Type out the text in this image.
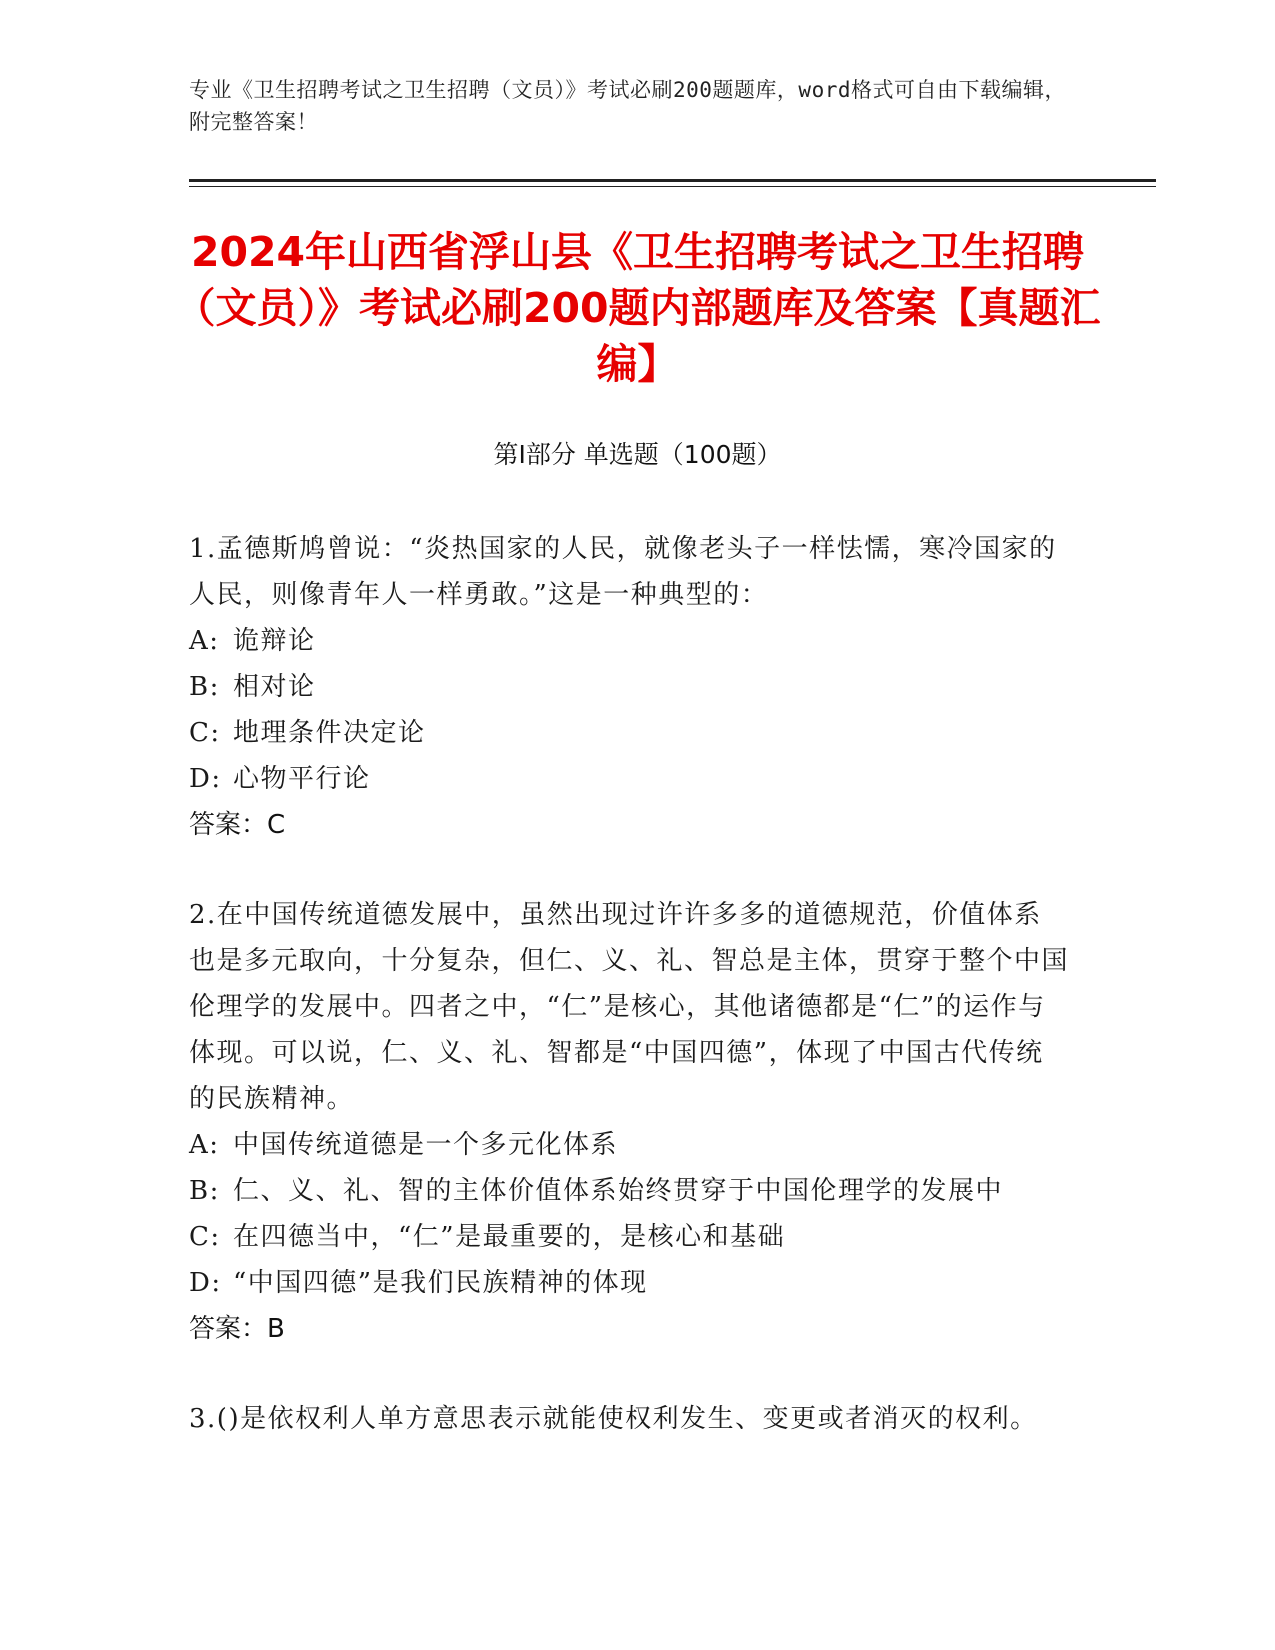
专业《卫生招聘考试之卫生招聘（文员）》考试必刷200题题库，word格式可自由下载编辑，附完整答案！
2024年山西省浮山县《卫生招聘考试之卫生招聘（文员）》考试必刷200题内部题库及答案【真题汇编】
第Ⅰ部分 单选题（100题）

1.孟德斯鸠曾说：“炎热国家的人民，就像老头子一样怯懦，寒冷国家的人民，则像青年人一样勇敢。”这是一种典型的：

A: 诡辩论
B: 相对论
C: 地理条件决定论
D: 心物平行论
答案：C

2.在中国传统道德发展中，虽然出现过许许多多的道德规范，价值体系也是多元取向，十分复杂，但仁、义、礼、智总是主体，贯穿于整个中国伦理学的发展中。四者之中，“仁”是核心，其他诸德都是“仁”的运作与体现。可以说，仁、义、礼、智都是“中国四德”，体现了中国古代传统的民族精神。

A: 中国传统道德是一个多元化体系
B: 仁、义、礼、智的主体价值体系始终贯穿于中国伦理学的发展中
C: 在四德当中，“仁”是最重要的，是核心和基础
D: “中国四德”是我们民族精神的体现
答案：B

3.()是依权利人单方意思表示就能使权利发生、变更或者消灭的权利。
